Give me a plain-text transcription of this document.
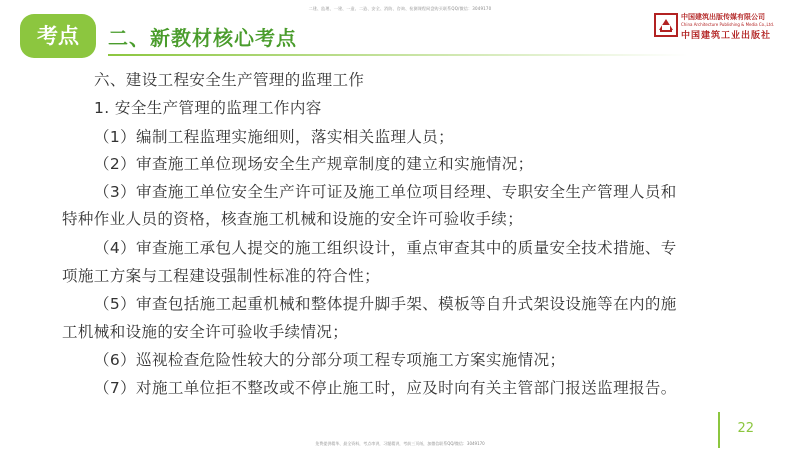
二建、监理、一建、一造、二造、安全、消防、咨询、检测课程网盘购买联系QQ/微信：3049170
考点	二、新教材核心考点
中国建筑出版传媒有限公司
China Architecture Publishing & Media Co.,Ltd.
中国建筑工业出版社
六、建设工程安全生产管理的监理工作
1. 安全生产管理的监理工作内容
（1）编制工程监理实施细则，落实相关监理人员；
（2）审查施工单位现场安全生产规章制度的建立和实施情况；
（3）审查施工单位安全生产许可证及施工单位项目经理、专职安全生产管理人员和
特种作业人员的资格，核查施工机械和设施的安全许可验收手续；
（4）审查施工承包人提交的施工组织设计，重点审查其中的质量安全技术措施、专
项施工方案与工程建设强制性标准的符合性；
（5）审查包括施工起重机械和整体提升脚手架、模板等自升式架设设施等在内的施
工机械和设施的安全许可验收手续情况；
（6）巡视检查危险性较大的分部分项工程专项施工方案实施情况；
（7）对施工单位拒不整改或不停止施工时，应及时向有关主管部门报送监理报告。
22
免费提供精华、最全资料，考点串讲，习题精讲，考前三页纸，加微信联系QQ/微信：3049170
